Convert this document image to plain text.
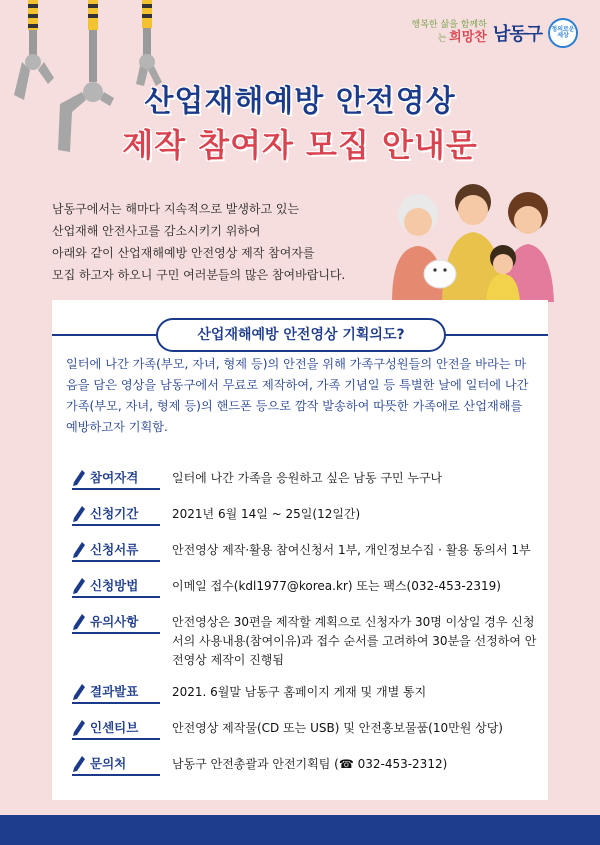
행복한 삶을 함께하는 희망찬 남동구	정의로운 세상
산업재해예방 안전영상
제작 참여자 모집 안내문
남동구에서는 해마다 지속적으로 발생하고 있는
산업재해 안전사고를 감소시키기 위하여
아래와 같이 산업재해예방 안전영상 제작 참여자를
모집 하고자 하오니 구민 여러분들의 많은 참여바랍니다.
산업재해예방 안전영상 기획의도?
일터에 나간 가족(부모, 자녀, 형제 등)의 안전을 위해 가족구성원들의 안전을 바라는 마음을 담은 영상을 남동구에서 무료로 제작하여, 가족 기념일 등 특별한 날에 일터에 나간 가족(부모, 자녀, 형제 등)의 핸드폰 등으로 깜작 발송하여 따뜻한 가족애로 산업재해를 예방하고자 기획함.
참여자격	일터에 나간 가족을 응원하고 싶은 남동 구민 누구나
신청기간	2021년 6월 14일 ~ 25일(12일간)
신청서류	안전영상 제작·활용 참여신청서 1부, 개인정보수집 · 활용 동의서 1부
신청방법	이메일 접수(kdl1977@korea.kr) 또는 팩스(032-453-2319)
유의사항	안전영상은 30편을 제작할 계획으로 신청자가 30명 이상일 경우 신청서의 사용내용(참여이유)과 접수 순서를 고려하여 30분을 선정하여 안전영상 제작이 진행됨
결과발표	2021. 6월말 남동구 홈페이지 게재 및 개별 통지
인센티브	안전영상 제작물(CD 또는 USB) 및 안전홍보물품(10만원 상당)
문의처	남동구 안전총괄과 안전기획팀 (☎ 032-453-2312)
